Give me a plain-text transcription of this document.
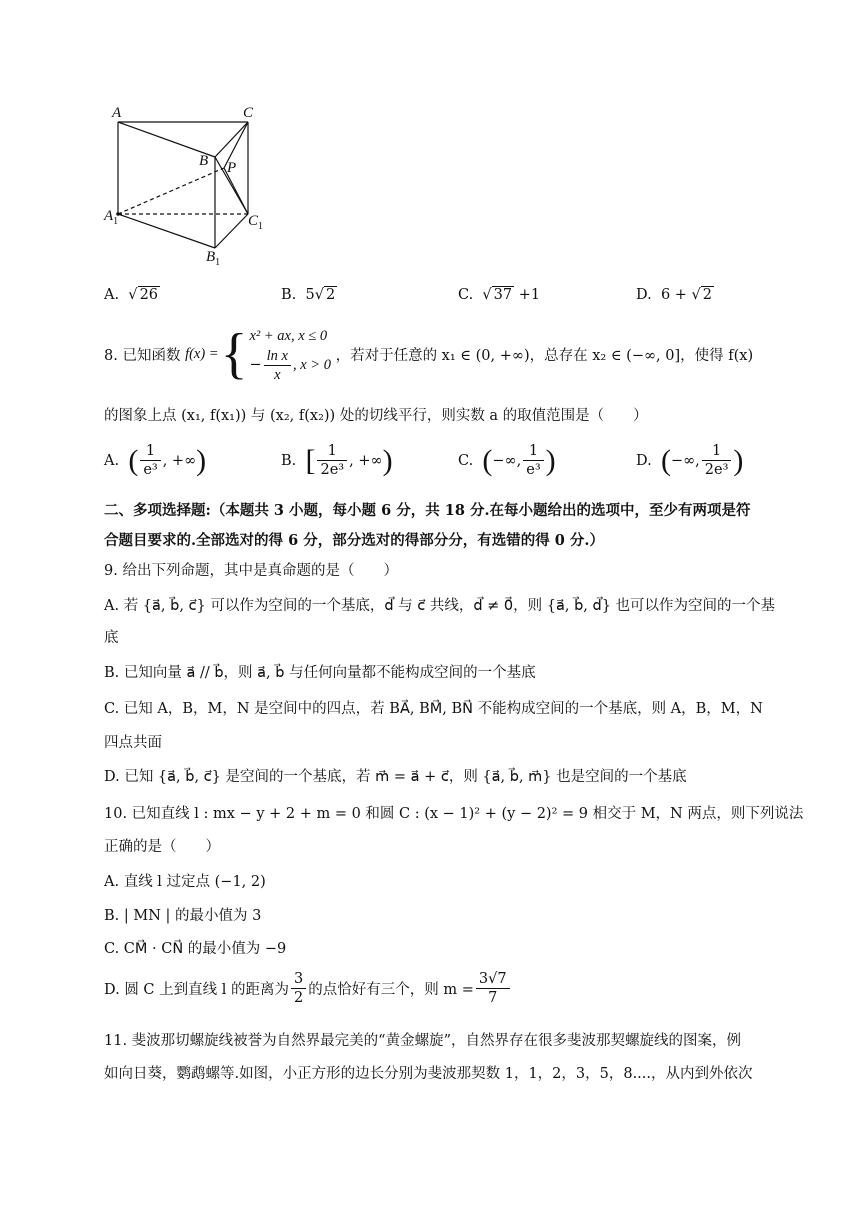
A	C
B P
$A_1$	$C_1$
$B_1$
A.  √ 26	B. 5√ 2	C.  √ 37 +1	D. 6 + √ 2
8. 已知函数
f(x) = { x² + ax, x ≤ 0
− $\frac{\text{ln x}}{x}$ , x > 0

，若对于任意的 x₁ ∈ (0, +∞)，总存在 x₂ ∈ (−∞, 0]，使得 f(x)
的图象上点 (x₁, f(x₁)) 与 (x₂, f(x₂)) 处的切线平行，则实数 a 的取值范围是（　　）
A.
( $\frac{1}{\text{e³}}$ , +∞ )	B.
[ $\frac{1}{\text{2e³}}$ , +∞ )	C.
( −∞, $\frac{1}{\text{e³}}$ )	D.
( −∞, $\frac{1}{\text{2e³}}$ )
二、多项选择题:（本题共 3 小题，每小题 6 分，共 18 分.在每小题给出的选项中，至少有两项是符
合题目要求的.全部选对的得 6 分，部分选对的得部分分，有选错的得 0 分.）
9. 给出下列命题，其中是真命题的是（　　）
A. 若 {a⃗, b⃗, c⃗} 可以作为空间的一个基底，d⃗ 与 c⃗ 共线，d⃗ ≠ 0⃗，则 {a⃗, b⃗, d⃗} 也可以作为空间的一个基
底
B. 已知向量 a⃗ // b⃗，则 a⃗, b⃗ 与任何向量都不能构成空间的一个基底
C. 已知 A，B，M，N 是空间中的四点，若 BA⃗, BM⃗, BN⃗ 不能构成空间的一个基底，则 A，B，M，N
四点共面
D. 已知 {a⃗, b⃗, c⃗} 是空间的一个基底，若 m⃗ = a⃗ + c⃗，则 {a⃗, b⃗, m⃗} 也是空间的一个基底
10. 已知直线 l : mx − y + 2 + m = 0 和圆 C : (x − 1)² + (y − 2)² = 9 相交于 M，N 两点，则下列说法
正确的是（　　）
A. 直线 l 过定点 (−1, 2)
B. | MN | 的最小值为 3
C. CM⃗ · CN⃗ 的最小值为 −9
D. 圆 C 上到直线 l 的距离为 $\frac{3}{2}$ 的点恰好有三个，则 $m = \frac{3√7}{7}$
11. 斐波那切螺旋线被誉为自然界最完美的“黄金螺旋”，自然界存在很多斐波那契螺旋线的图案，例
如向日葵，鹦鹉螺等.如图，小正方形的边长分别为斐波那契数 1，1，2，3，5，8....，从内到外依次
